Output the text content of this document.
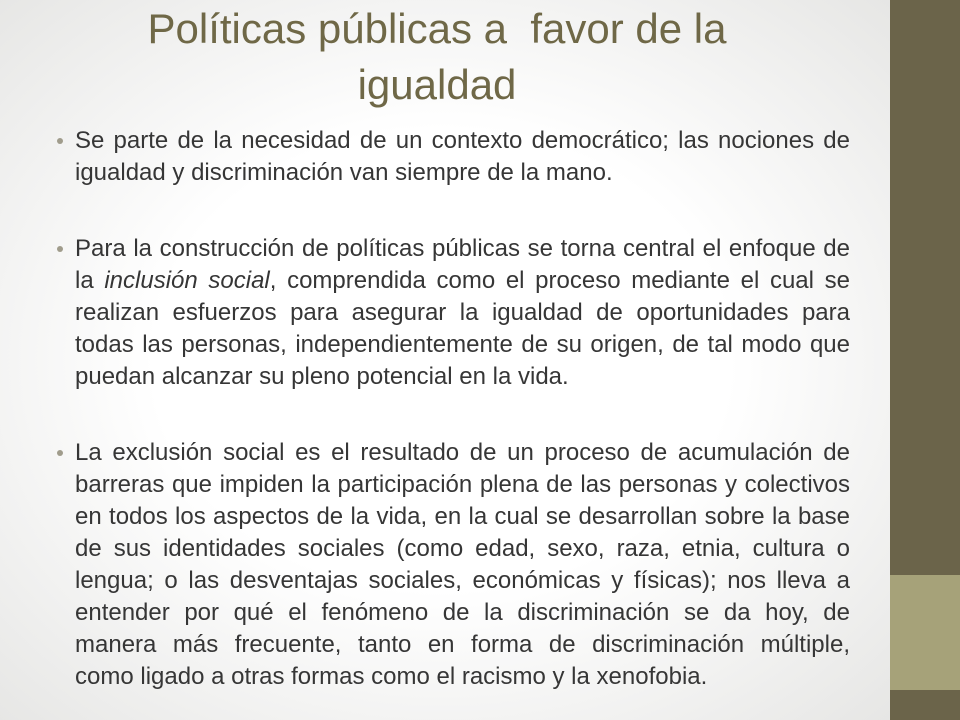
Políticas públicas a  favor de la igualdad
Se parte de la necesidad de un contexto democrático; las nociones de
igualdad y discriminación van siempre de la mano.
Para la construcción de políticas públicas se torna central el enfoque de
la inclusión social, comprendida como el proceso mediante el cual se
realizan esfuerzos para asegurar la igualdad de oportunidades para
todas las personas, independientemente de su origen, de tal modo que
puedan alcanzar su pleno potencial en la vida.
La exclusión social es el resultado de un proceso de acumulación de
barreras que impiden la participación plena de las personas y colectivos
en todos los aspectos de la vida, en la cual se desarrollan sobre la base
de sus identidades sociales (como edad, sexo, raza, etnia, cultura o
lengua; o las desventajas sociales, económicas y físicas); nos lleva a
entender por qué el fenómeno de la discriminación se da hoy, de
manera más frecuente, tanto en forma de discriminación múltiple,
como ligado a otras formas como el racismo y la xenofobia.
